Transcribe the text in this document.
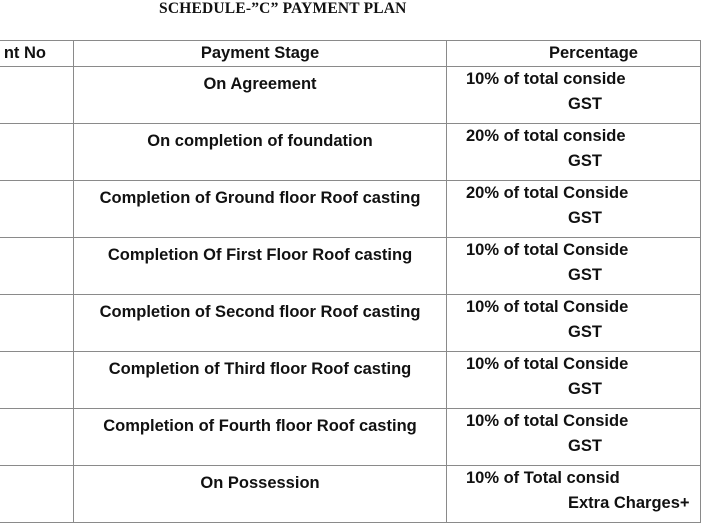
SCHEDULE-”C” PAYMENT PLAN
nt No	Payment Stage	Percentage
	On Agreement	10% of total conside
GST

	On completion of foundation	20% of total conside
GST

	Completion of Ground floor Roof casting	20% of total Conside
GST

	Completion Of First Floor Roof casting	10% of total Conside
GST

	Completion of Second floor Roof casting	10% of total Conside
GST

	Completion of Third floor Roof casting	10% of total Conside
GST

	Completion of Fourth floor Roof casting	10% of total Conside
GST

	On Possession	10% of Total consid
Extra Charges+
